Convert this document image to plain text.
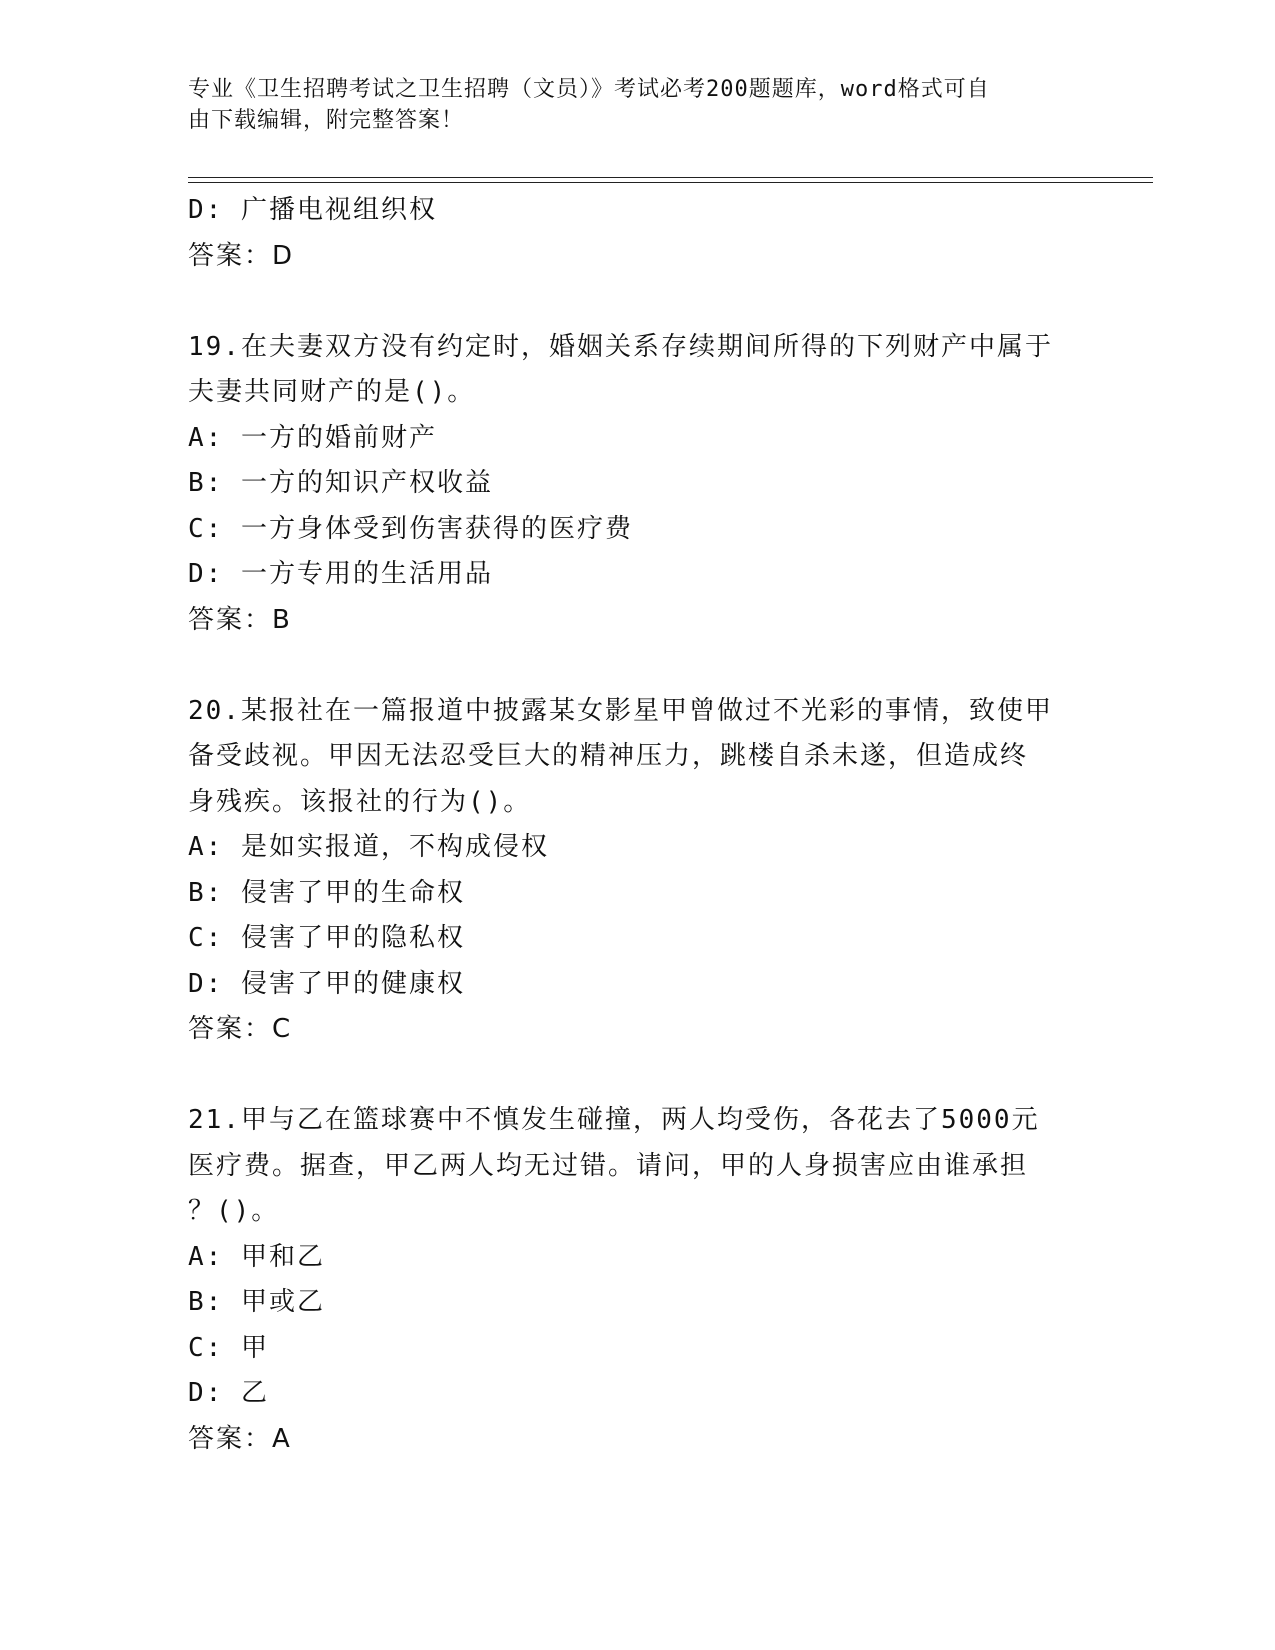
专业《卫生招聘考试之卫生招聘（文员）》考试必考200题题库，word格式可自
由下载编辑，附完整答案！
D: 广播电视组织权
答案：D
19.在夫妻双方没有约定时，婚姻关系存续期间所得的下列财产中属于
夫妻共同财产的是()。
A: 一方的婚前财产
B: 一方的知识产权收益
C: 一方身体受到伤害获得的医疗费
D: 一方专用的生活用品
答案：B
20.某报社在一篇报道中披露某女影星甲曾做过不光彩的事情，致使甲
备受歧视。甲因无法忍受巨大的精神压力，跳楼自杀未遂，但造成终
身残疾。该报社的行为()。
A: 是如实报道，不构成侵权
B: 侵害了甲的生命权
C: 侵害了甲的隐私权
D: 侵害了甲的健康权
答案：C
21.甲与乙在篮球赛中不慎发生碰撞，两人均受伤，各花去了5000元
医疗费。据查，甲乙两人均无过错。请问，甲的人身损害应由谁承担
？()。
A: 甲和乙
B: 甲或乙
C: 甲
D: 乙
答案：A
